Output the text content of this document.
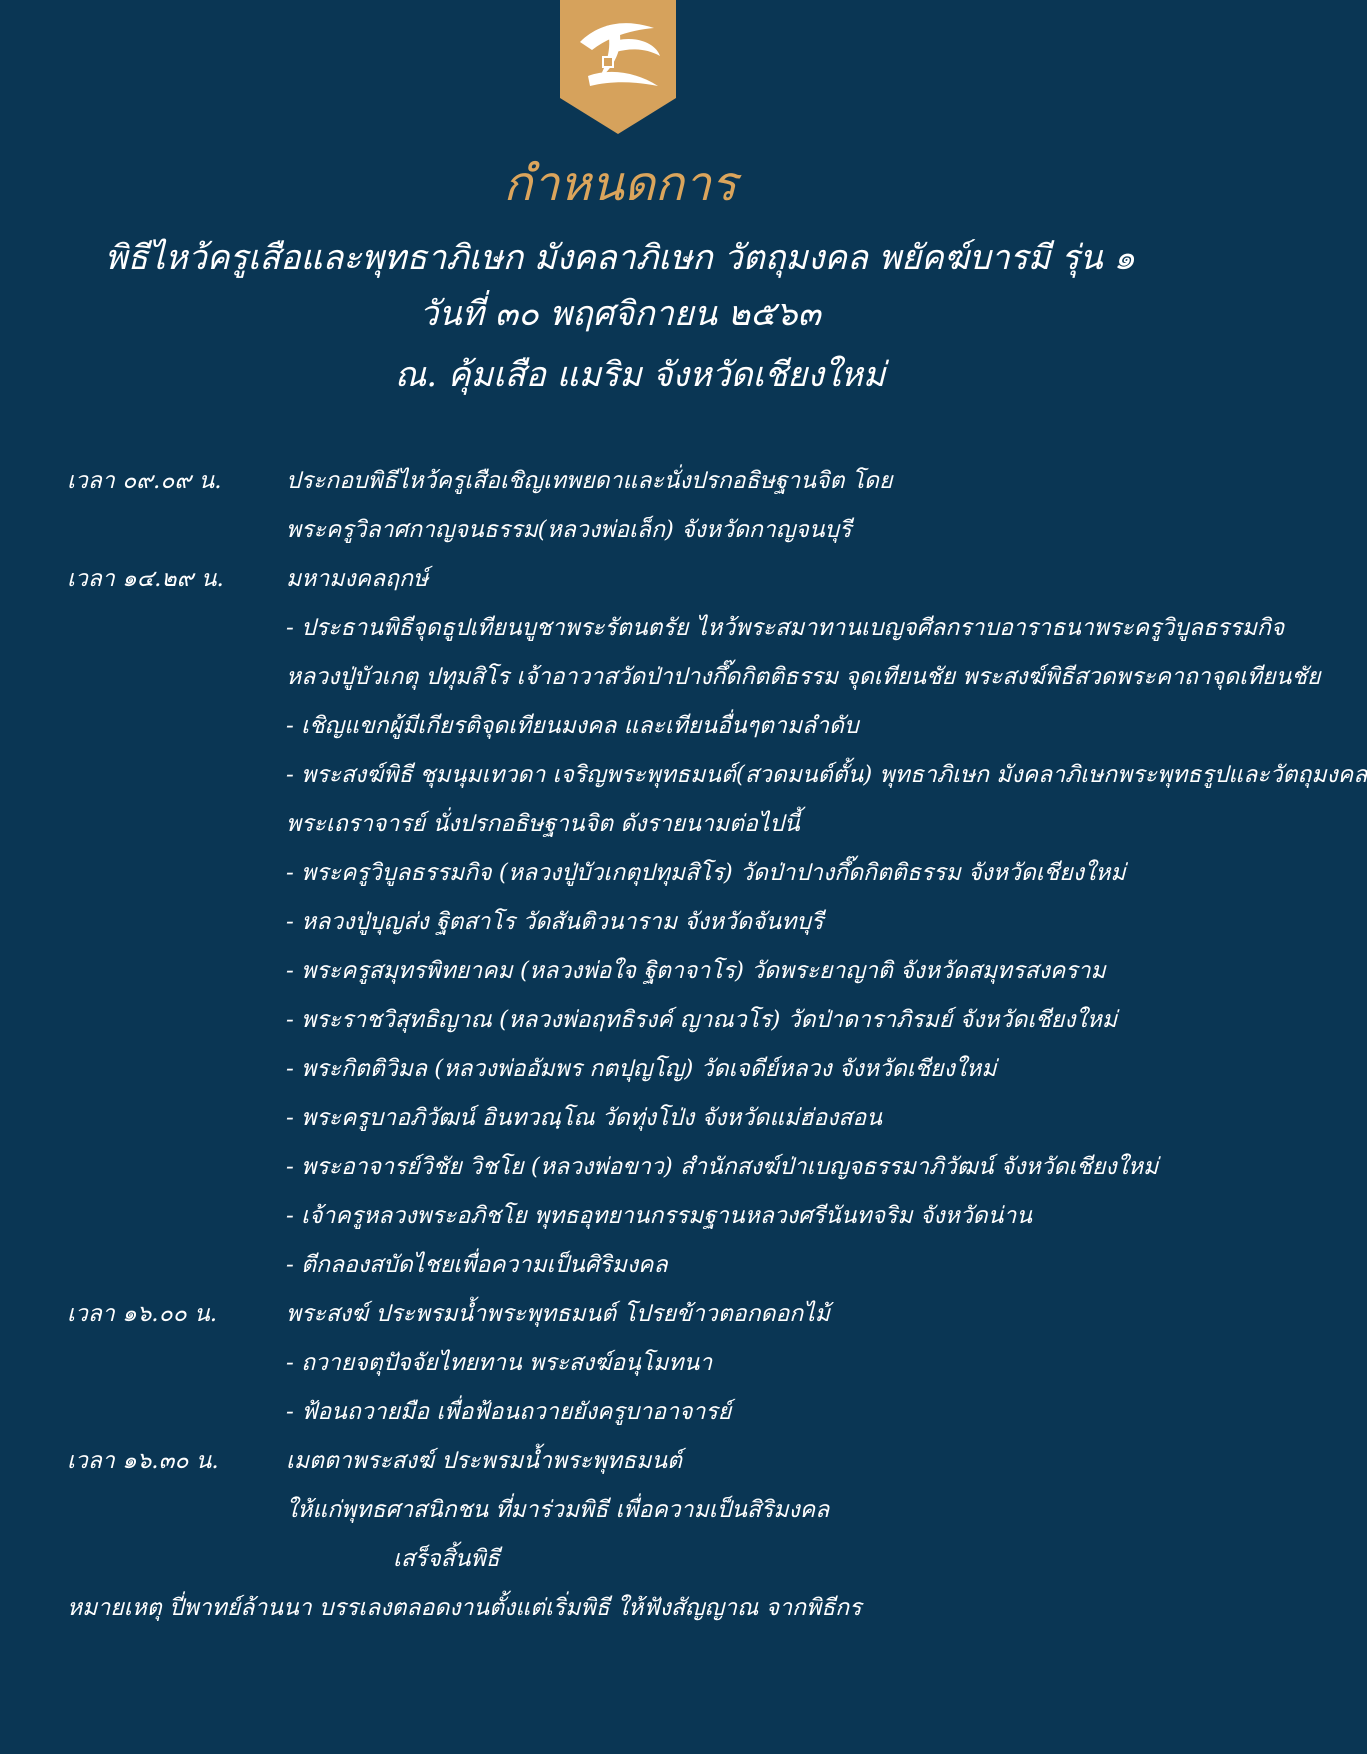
กำหนดการ
พิธีไหว้ครูเสือและพุทธาภิเษก มังคลาภิเษก วัตถุมงคล พยัคฆ์บารมี รุ่น ๑
วันที่ ๓๐ พฤศจิกายน ๒๕๖๓
ณ. คุ้มเสือ แมริม จังหวัดเชียงใหม่
เวลา ๐๙.๐๙ น.	ประกอบพิธีไหว้ครูเสือเชิญเทพยดาและนั่งปรกอธิษฐานจิต โดย
พระครูวิลาศกาญจนธรรม(หลวงพ่อเล็ก) จังหวัดกาญจนบุรี
เวลา ๑๔.๒๙ น.	มหามงคลฤกษ์
- ประธานพิธีจุดธูปเทียนบูชาพระรัตนตรัย ไหว้พระสมาทานเบญจศีลกราบอาราธนาพระครูวิบูลธรรมกิจ
หลวงปู่บัวเกตุ ปทุมสิโร เจ้าอาวาสวัดป่าปางกึ๊ดกิตติธรรม จุดเทียนชัย พระสงฆ์พิธีสวดพระคาถาจุดเทียนชัย
- เชิญแขกผู้มีเกียรติจุดเทียนมงคล และเทียนอื่นๆตามลำดับ
- พระสงฆ์พิธี ชุมนุมเทวดา เจริญพระพุทธมนต์(สวดมนต์ตั้น) พุทธาภิเษก มังคลาภิเษกพระพุทธรูปและวัตถุมงคล
พระเถราจารย์ นั่งปรกอธิษฐานจิต ดังรายนามต่อไปนี้
- พระครูวิบูลธรรมกิจ (หลวงปู่บัวเกตุปทุมสิโร) วัดป่าปางกึ๊ดกิตติธรรม จังหวัดเชียงใหม่
- หลวงปู่บุญส่ง ฐิตสาโร วัดสันติวนาราม จังหวัดจันทบุรี
- พระครูสมุทรพิทยาคม (หลวงพ่อใจ ฐิตาจาโร) วัดพระยาญาติ จังหวัดสมุทรสงคราม
- พระราชวิสุทธิญาณ (หลวงพ่อฤทธิรงค์ ญาณวโร) วัดป่าดาราภิรมย์ จังหวัดเชียงใหม่
- พระกิตติวิมล (หลวงพ่ออัมพร กตปุญโญ) วัดเจดีย์หลวง จังหวัดเชียงใหม่
- พระครูบาอภิวัฒน์ อินทวณฺโณ วัดทุ่งโป่ง จังหวัดแม่ฮ่องสอน
- พระอาจารย์วิชัย วิชโย (หลวงพ่อขาว) สำนักสงฆ์ป่าเบญจธรรมาภิวัฒน์ จังหวัดเชียงใหม่
- เจ้าครูหลวงพระอภิชโย พุทธอุทยานกรรมฐานหลวงศรีนันทจริม จังหวัดน่าน
- ตีกลองสบัดไชยเพื่อความเป็นศิริมงคล
เวลา ๑๖.๐๐ น.	พระสงฆ์ ประพรมน้ำพระพุทธมนต์ โปรยข้าวตอกดอกไม้
- ถวายจตุปัจจัยไทยทาน พระสงฆ์อนุโมทนา
- ฟ้อนถวายมือ เพื่อฟ้อนถวายยังครูบาอาจารย์
เวลา ๑๖.๓๐ น.	เมตตาพระสงฆ์ ประพรมน้ำพระพุทธมนต์
ให้แก่พุทธศาสนิกชน ที่มาร่วมพิธี เพื่อความเป็นสิริมงคล
เสร็จสิ้นพิธี
หมายเหตุ ปี่พาทย์ล้านนา บรรเลงตลอดงานตั้งแต่เริ่มพิธี ให้ฟังสัญญาณ จากพิธีกร
